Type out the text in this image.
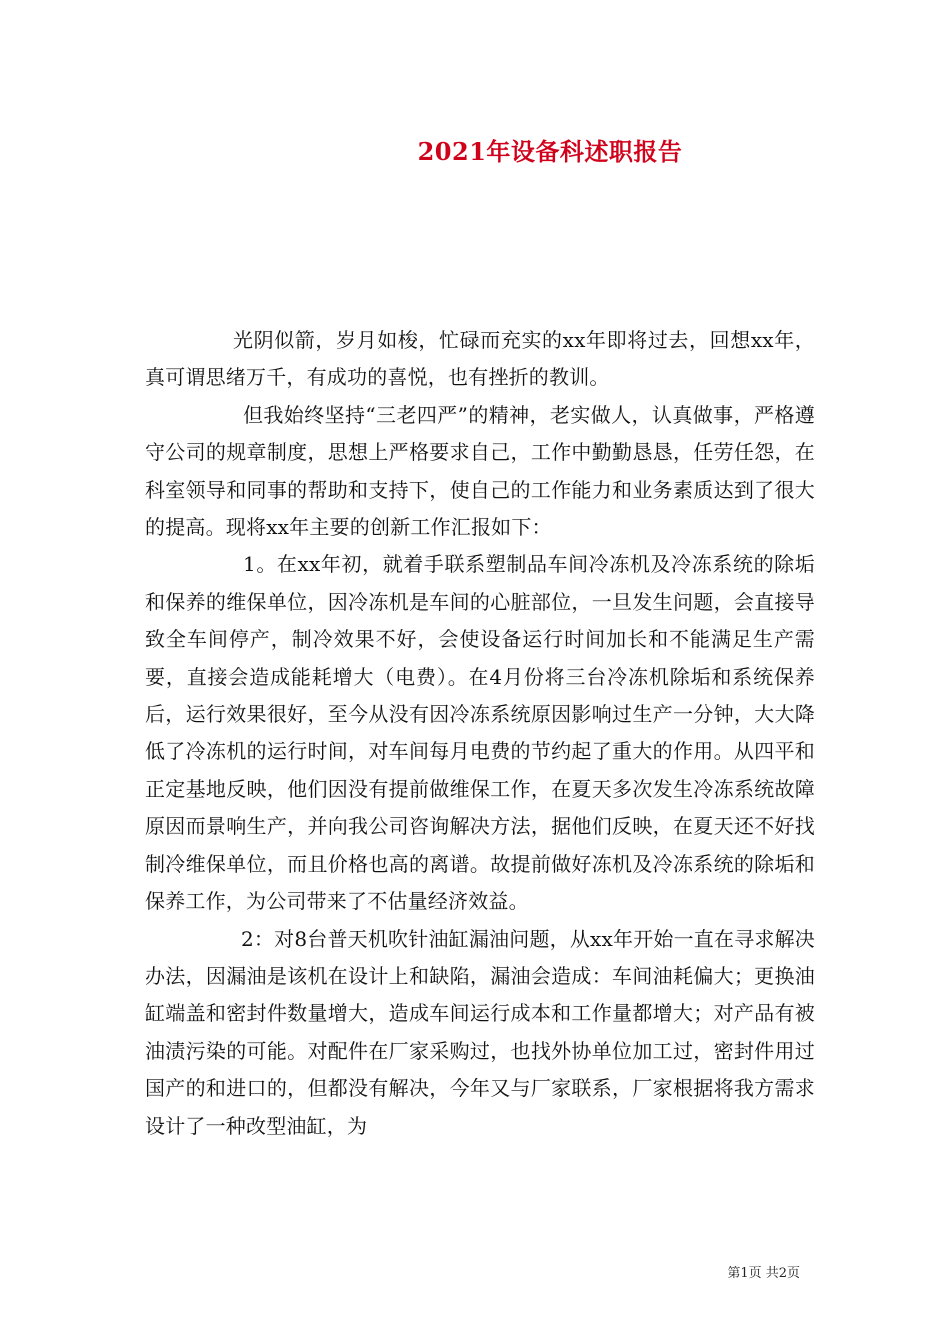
2021年设备科述职报告

光阴似箭，岁月如梭，忙碌而充实的xx年即将过去，回想xx年，真可谓思绪万千，有成功的喜悦，也有挫折的教训。

但我始终坚持“三老四严”的精神，老实做人，认真做事，严格遵守公司的规章制度，思想上严格要求自己，工作中勤勤恳恳，任劳任怨，在科室领导和同事的帮助和支持下，使自己的工作能力和业务素质达到了很大的提高。现将xx年主要的创新工作汇报如下：

1。在xx年初，就着手联系塑制品车间冷冻机及冷冻系统的除垢和保养的维保单位，因冷冻机是车间的心脏部位，一旦发生问题，会直接导致全车间停产，制冷效果不好，会使设备运行时间加长和不能满足生产需要，直接会造成能耗增大（电费）。在4月份将三台冷冻机除垢和系统保养后，运行效果很好，至今从没有因冷冻系统原因影响过生产一分钟，大大降低了冷冻机的运行时间，对车间每月电费的节约起了重大的作用。从四平和正定基地反映，他们因没有提前做维保工作，在夏天多次发生冷冻系统故障原因而景响生产，并向我公司咨询解决方法，据他们反映，在夏天还不好找制冷维保单位，而且价格也高的离谱。故提前做好冻机及冷冻系统的除垢和保养工作，为公司带来了不估量经济效益。

2：对8台普天机吹针油缸漏油问题，从xx年开始一直在寻求解决办法，因漏油是该机在设计上和缺陷，漏油会造成：车间油耗偏大；更换油缸端盖和密封件数量增大，造成车间运行成本和工作量都增大；对产品有被油渍污染的可能。对配件在厂家采购过，也找外协单位加工过，密封件用过国产的和进口的，但都没有解决，今年又与厂家联系，厂家根据将我方需求设计了一种改型油缸，为

第1页 共2页
